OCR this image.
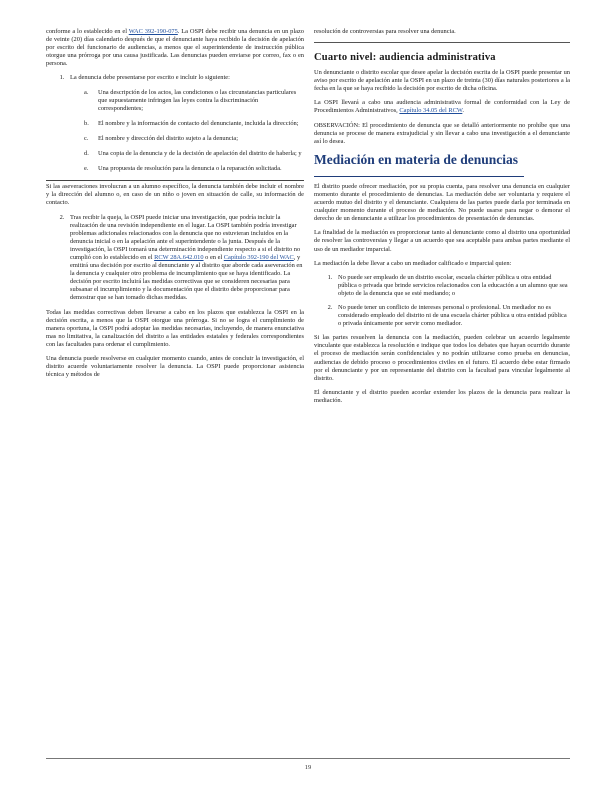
conforme a lo establecido en el WAC 392-190-075. La OSPI debe recibir una denuncia en un plazo de veinte (20) días calendario después de que el denunciante haya recibido la decisión de apelación por escrito del funcionario de audiencias, a menos que el superintendente de instrucción pública otorgue una prórroga por una causa justificada. Las denuncias pueden enviarse por correo, fax o en persona.

1. La denuncia debe presentarse por escrito e incluir lo siguiente:
a. Una descripción de los actos, las condiciones o las circunstancias particulares que supuestamente infringen las leyes contra la discriminación correspondientes;
b. El nombre y la información de contacto del denunciante, incluida la dirección;
c. El nombre y dirección del distrito sujeto a la denuncia;
d. Una copia de la denuncia y de la decisión de apelación del distrito de haberla; y
e. Una propuesta de resolución para la denuncia o la reparación solicitada.

Si las aseveraciones involucran a un alumno específico, la denuncia también debe incluir el nombre y la dirección del alumno o, en caso de un niño o joven en situación de calle, su información de contacto.

2. Tras recibir la queja, la OSPI puede iniciar una investigación, que podría incluir la realización de una revisión independiente en el lugar. La OSPI también podría investigar problemas adicionales relacionados con la denuncia que no estuvieran incluidos en la denuncia inicial o en la apelación ante el superintendente o la junta. Después de la investigación, la OSPI tomará una determinación independiente respecto a si el distrito no cumplió con lo establecido en el RCW 28A.642.010 o en el Capítulo 392-190 del WAC, y emitirá una decisión por escrito al denunciante y al distrito que aborde cada aseveración en la denuncia y cualquier otro problema de incumplimiento que se haya identificado. La decisión por escrito incluirá las medidas correctivas que se consideren necesarias para subsanar el incumplimiento y la documentación que el distrito debe proporcionar para demostrar que se han tomado dichas medidas.

Todas las medidas correctivas deben llevarse a cabo en los plazos que establezca la OSPI en la decisión escrita, a menos que la OSPI otorgue una prórroga. Si no se logra el cumplimiento de manera oportuna, la OSPI podrá adoptar las medidas necesarias, incluyendo, de manera enunciativa mas no limitativa, la canalización del distrito a las entidades estatales y federales correspondientes con las facultades para ordenar el cumplimiento.

Una denuncia puede resolverse en cualquier momento cuando, antes de concluir la investigación, el distrito acuerde voluntariamente resolver la denuncia. La OSPI puede proporcionar asistencia técnica y métodos de

resolución de controversias para resolver una denuncia.

Cuarto nivel: audiencia administrativa

Un denunciante o distrito escolar que desee apelar la decisión escrita de la OSPI puede presentar un aviso por escrito de apelación ante la OSPI en un plazo de treinta (30) días naturales posteriores a la fecha en la que se haya recibido la decisión por escrito de dicha oficina.

La OSPI llevará a cabo una audiencia administrativa formal de conformidad con la Ley de Procedimientos Administrativos, Capítulo 34.05 del RCW.

OBSERVACIÓN: El procedimiento de denuncia que se detalló anteriormente no prohíbe que una denuncia se procese de manera extrajudicial y sin llevar a cabo una investigación a el denunciante así lo desea.

Mediación en materia de denuncias

El distrito puede ofrecer mediación, por su propia cuenta, para resolver una denuncia en cualquier momento durante el procedimiento de denuncias. La mediación debe ser voluntaria y requiere el acuerdo mutuo del distrito y el denunciante. Cualquiera de las partes puede darla por terminada en cualquier momento durante el proceso de mediación. No puede usarse para negar o demorar el derecho de un denunciante a utilizar los procedimientos de presentación de denuncias.

La finalidad de la mediación es proporcionar tanto al denunciante como al distrito una oportunidad de resolver las controversias y llegar a un acuerdo que sea aceptable para ambas partes mediante el uso de un mediador imparcial.

La mediación la debe llevar a cabo un mediador calificado e imparcial quien:

1. No puede ser empleado de un distrito escolar, escuela chárter pública u otra entidad pública o privada que brinde servicios relacionados con la educación a un alumno que sea objeto de la denuncia que se esté mediando; o
2. No puede tener un conflicto de intereses personal o profesional. Un mediador no es considerado empleado del distrito ni de una escuela chárter pública u otra entidad pública o privada únicamente por servir como mediador.

Si las partes resuelven la denuncia con la mediación, pueden celebrar un acuerdo legalmente vinculante que establezca la resolución e indique que todos los debates que hayan ocurrido durante el proceso de mediación serán confidenciales y no podrán utilizarse como prueba en denuncias, audiencias de debido proceso o procedimientos civiles en el futuro. El acuerdo debe estar firmado por el denunciante y por un representante del distrito con la facultad para vincular legalmente al distrito.

El denunciante y el distrito pueden acordar extender los plazos de la denuncia para realizar la mediación.

19
